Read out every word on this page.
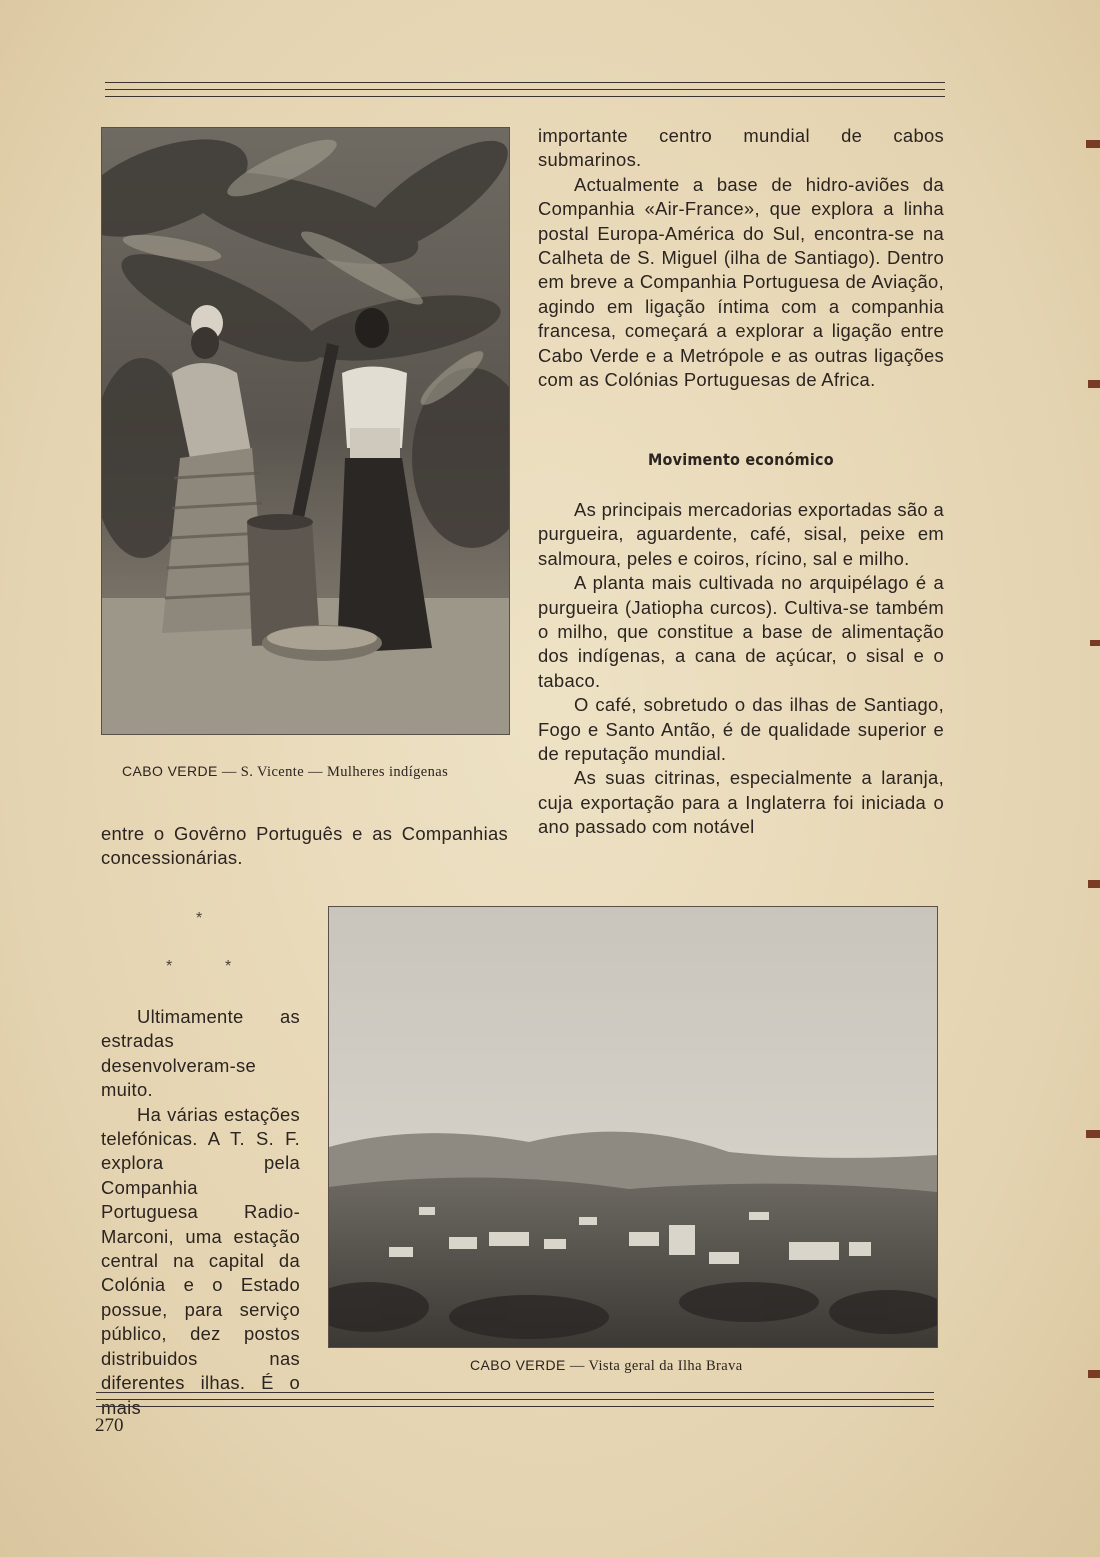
CABO VERDE — S. Vicente — Mulheres indígenas

importante centro mundial de cabos submarinos.

Actualmente a base de hidro-aviões da Companhia «Air-France», que explora a linha postal Europa-América do Sul, encontra-se na Calheta de S. Miguel (ilha de Santiago). Dentro em breve a Companhia Portuguesa de Aviação, agindo em ligação íntima com a companhia francesa, começará a explorar a ligação entre Cabo Verde e a Metrópole e as outras ligações com as Colónias Portuguesas de Africa.

Movimento económico

As principais mercadorias exportadas são a purgueira, aguardente, café, sisal, peixe em salmoura, peles e coiros, rícino, sal e milho.

A planta mais cultivada no arquipélago é a purgueira (Jatiopha curcos). Cultiva-se também o milho, que constitue a base de alimentação dos indígenas, a cana de açúcar, o sisal e o tabaco.

O café, sobretudo o das ilhas de Santiago, Fogo e Santo Antão, é de qualidade superior e de reputação mundial.

As suas citrinas, especialmente a laranja, cuja exportação para a Inglaterra foi iniciada o ano passado com notável

entre o Govêrno Português e as Companhias concessionárias.

*
*	*

Ultimamente as estradas desenvolveram-se muito.

Ha várias estações telefónicas. A T. S. F. explora pela Companhia Portuguesa Radio-Marconi, uma estação central na capital da Colónia e o Estado possue, para serviço público, dez postos distribuidos nas diferentes ilhas. É o mais

CABO VERDE — Vista geral da Ilha Brava
270
